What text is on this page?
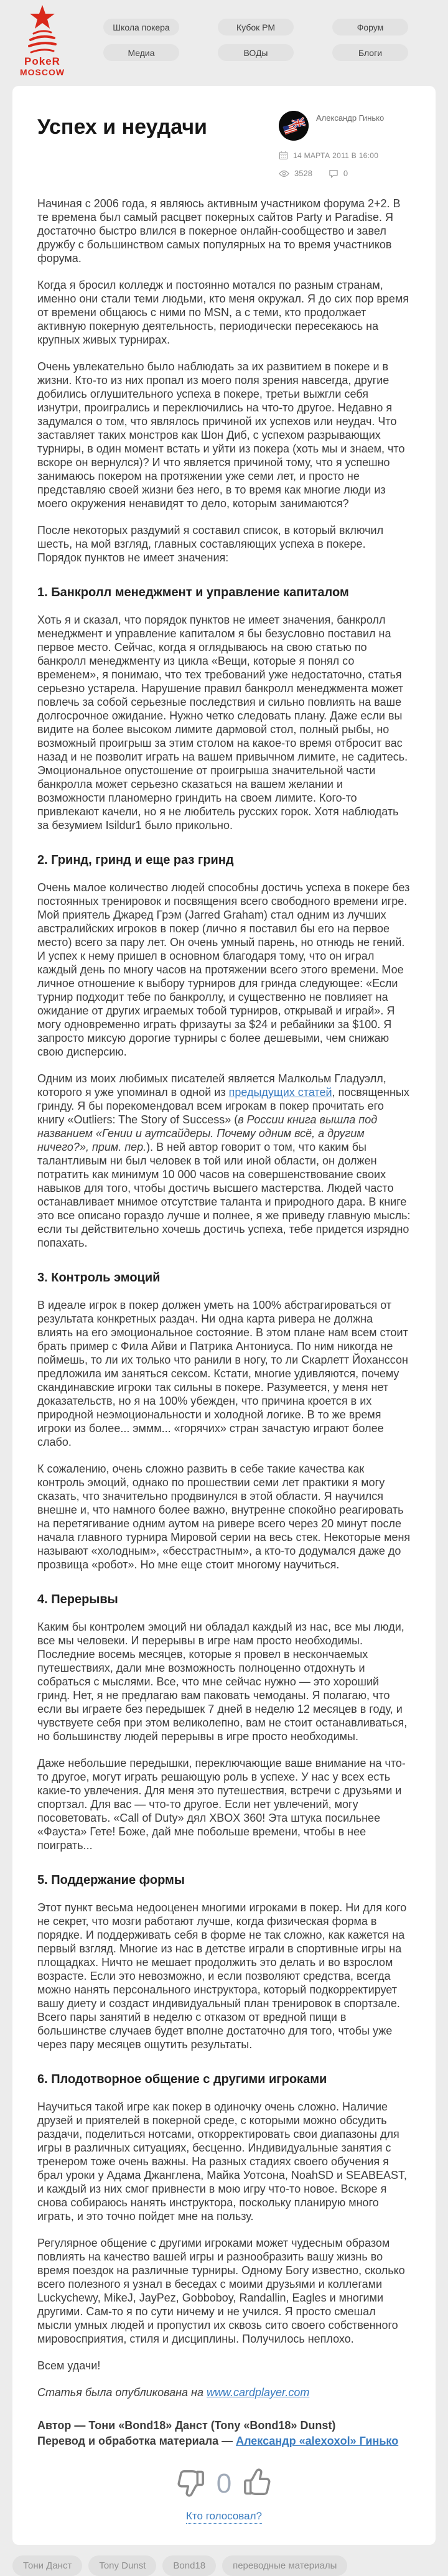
PokeR
MOSCOW
Школа покера	Кубок РМ	Форум
Медиа	ВОДы	Блоги
Успех и неудачи	Александр Гинько
14 МАРТА 2011 В 16:00
3528	0

Начиная с 2006 года, я являюсь активным участником форума 2+2. В те времена был самый расцвет покерных сайтов Party и Paradise. Я достаточно быстро влился в покерное онлайн-сообщество и завел дружбу с большинством самых популярных на то время участников форума.

Когда я бросил колледж и постоянно мотался по разным странам, именно они стали теми людьми, кто меня окружал. Я до сих пор время от времени общаюсь с ними по MSN, а с теми, кто продолжает активную покерную деятельность, периодически пересекаюсь на крупных живых турнирах.

Очень увлекательно было наблюдать за их развитием в покере и в жизни. Кто-то из них пропал из моего поля зрения навсегда, другие добились оглушительного успеха в покере, третьи выжгли себя изнутри, проигрались и переключились на что-то другое. Недавно я задумался о том, что являлось причиной их успехов или неудач. Что заставляет таких монстров как Шон Диб, с успехом разрывающих турниры, в один момент встать и уйти из покера (хоть мы и знаем, что вскоре он вернулся)? И что является причиной тому, что я успешно занимаюсь покером на протяжении уже семи лет, и просто не представляю своей жизни без него, в то время как многие люди из моего окружения ненавидят то дело, которым занимаются?

После некоторых раздумий я составил список, в который включил шесть, на мой взгляд, главных составляющих успеха в покере. Порядок пунктов не имеет значения:

1. Банкролл менеджмент и управление капиталом

Хоть я и сказал, что порядок пунктов не имеет значения, банкролл менеджмент и управление капиталом я бы безусловно поставил на первое место. Сейчас, когда я оглядываюсь на свою статью по банкролл менеджменту из цикла «Вещи, которые я понял со временем», я понимаю, что тех требований уже недостаточно, статья серьезно устарела. Нарушение правил банкролл менеджмента может повлечь за собой серьезные последствия и сильно повлиять на ваше долгосрочное ожидание. Нужно четко следовать плану. Даже если вы видите на более высоком лимите дармовой стол, полный рыбы, но возможный проигрыш за этим столом на какое-то время отбросит вас назад и не позволит играть на вашем привычном лимите, не садитесь. Эмоциональное опустошение от проигрыша значительной части банкролла может серьезно сказаться на вашем желании и возможности планомерно гриндить на своем лимите. Кого-то привлекают качели, но я не любитель русских горок. Хотя наблюдать за безумием Isildur1 было прикольно.

2. Гринд, гринд и еще раз гринд

Очень малое количество людей способны достичь успеха в покере без постоянных тренировок и посвящения всего свободного времени игре. Мой приятель Джаред Грэм (Jarred Graham) стал одним из лучших австралийских игроков в покер (лично я поставил бы его на первое место) всего за пару лет. Он очень умный парень, но отнюдь не гений. И успех к нему пришел в основном благодаря тому, что он играл каждый день по многу часов на протяжении всего этого времени. Мое личное отношение к выбору турниров для гринда следующее: «Если турнир подходит тебе по банкроллу, и существенно не повлияет на ожидание от других играемых тобой турниров, открывай и играй». Я могу одновременно играть фризауты за $24 и ребайники за $100. Я запросто миксую дорогие турниры с более дешевыми, чем снижаю свою дисперсию.

Одним из моих любимых писателей является Малкольм Гладуэлл, которого я уже упоминал в одной из предыдущих статей, посвященных гринду. Я бы порекомендовал всем игрокам в покер прочитать его книгу «Outliers: The Story of Success» (в России книга вышла под названием «Гении и аутсайдеры. Почему одним всё, а другим ничего?», прим. пер.). В ней автор говорит о том, что каким бы талантливым ни был человек в той или иной области, он должен потратить как минимум 10 000 часов на совершенствование своих навыков для того, чтобы достичь высшего мастерства. Людей часто останавливает мнимое отсутствие таланта и природного дара. В книге это все описано гораздо лучше и полнее, я же приведу главную мысль: если ты действительно хочешь достичь успеха, тебе придется изрядно попахать.

3. Контроль эмоций

В идеале игрок в покер должен уметь на 100% абстрагироваться от результата конкретных раздач. Ни одна карта ривера не должна влиять на его эмоциональное состояние. В этом плане нам всем стоит брать пример с Фила Айви и Патрика Антониуса. По ним никогда не поймешь, то ли их только что ранили в ногу, то ли Скарлетт Йоханссон предложила им заняться сексом. Кстати, многие удивляются, почему скандинавские игроки так сильны в покере. Разумеется, у меня нет доказательств, но я на 100% убежден, что причина кроется в их природной неэмоциональности и холодной логике. В то же время игроки из более... эммм... «горячих» стран зачастую играют более слабо.

К сожалению, очень сложно развить в себе такие качества как контроль эмоций, однако по прошествии семи лет практики я могу сказать, что значительно продвинулся в этой области. Я научился внешне и, что намного более важно, внутренне спокойно реагировать на перетягивание одним аутом на ривере всего через 20 минут после начала главного турнира Мировой серии на весь стек. Некоторые меня называют «холодным», «бесстрастным», а кто-то додумался даже до прозвища «робот». Но мне еще стоит многому научиться.

4. Перерывы

Каким бы контролем эмоций ни обладал каждый из нас, все мы люди, все мы человеки. И перерывы в игре нам просто необходимы. Последние восемь месяцев, которые я провел в нескончаемых путешествиях, дали мне возможность полноценно отдохнуть и собраться с мыслями. Все, что мне сейчас нужно — это хороший гринд. Нет, я не предлагаю вам паковать чемоданы. Я полагаю, что если вы играете без передышек 7 дней в неделю 12 месяцев в году, и чувствуете себя при этом великолепно, вам не стоит останавливаться, но большинству людей перерывы в игре просто необходимы.

Даже небольшие передышки, переключающие ваше внимание на что-то другое, могут играть решающую роль в успехе. У нас у всех есть какие-то увлечения. Для меня это путешествия, встречи с друзьями и спортзал. Для вас — что-то другое. Если нет увлечений, могу посоветовать. «Call of Duty» дял XBOX 360! Эта штука посильнее «Фауста» Гете! Боже, дай мне побольше времени, чтобы в нее поиграть...

5. Поддержание формы

Этот пункт весьма недооценен многими игроками в покер. Ни для кого не секрет, что мозги работают лучше, когда физическая форма в порядке. И поддерживать себя в форме не так сложно, как кажется на первый взгляд. Многие из нас в детстве играли в спортивные игры на площадках. Ничто не мешает продолжить это делать и во взрослом возрасте. Если это невозможно, и если позволяют средства, всегда можно нанять персонального инструктора, который подкорректирует вашу диету и создаст индивидуальный план тренировок в спортзале. Всего пары занятий в неделю с отказом от вредной пищи в большинстве случаев будет вполне достаточно для того, чтобы уже через пару месяцев ощутить результаты.

6. Плодотворное общение с другими игроками

Научиться такой игре как покер в одиночку очень сложно. Наличие друзей и приятелей в покерной среде, с которыми можно обсудить раздачи, поделиться нотсами, откорректировать свои диапазоны для игры в различных ситуациях, бесценно. Индивидуальные занятия с тренером тоже очень важны. На разных стадиях своего обучения я брал уроки у Адама Джанглена, Майка Уотсона, NoahSD и SEABEAST, и каждый из них смог привнести в мою игру что-то новое. Вскоре я снова собираюсь нанять инструктора, поскольку планирую много играть, и это точно пойдет мне на пользу.

Регулярное общение с другими игроками может чудесным образом повлиять на качество вашей игры и разнообразить вашу жизнь во время поездок на различные турниры. Одному Богу известно, сколько всего полезного я узнал в беседах с моими друзьями и коллегами Luckychewy, MikeJ, JayPez, Gobboboy, Randallin, Eagles и многими другими. Сам-то я по сути ничему и не учился. Я просто смешал мысли умных людей и пропустил их сквозь сито своего собственного мировосприятия, стиля и дисциплины. Получилось неплохо.

Всем удачи!

Статья была опубликована на www.cardplayer.com

Автор — Тони «Bond18» Данст (Tony «Bond18» Dunst)
Перевод и обработка материала — Александр «alexoxol» Гинько

0
Кто голосовал?
Тони Данст	Tony Dunst	Bond18	переводные материалы
